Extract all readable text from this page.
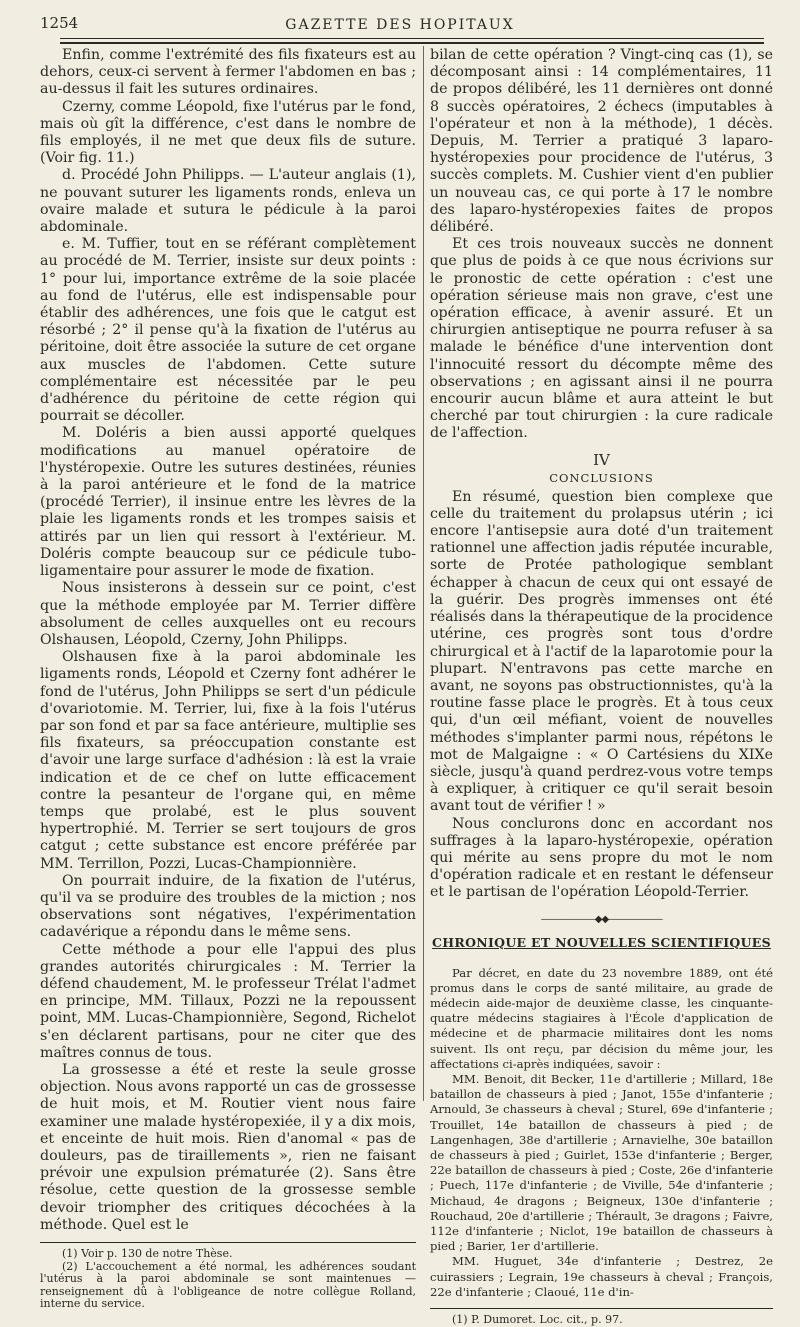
1254	GAZETTE DES HOPITAUX

Enfin, comme l'extrémité des fils fixateurs est au dehors, ceux-ci servent à fermer l'abdomen en bas ; au-dessus il fait les sutures ordinaires.

Czerny, comme Léopold, fixe l'utérus par le fond, mais où gît la différence, c'est dans le nombre de fils employés, il ne met que deux fils de suture. (Voir fig. 11.)

d. Procédé John Philipps. — L'auteur anglais (1), ne pouvant suturer les ligaments ronds, enleva un ovaire malade et sutura le pédicule à la paroi abdominale.

e. M. Tuffier, tout en se référant complètement au procédé de M. Terrier, insiste sur deux points : 1° pour lui, importance extrême de la soie placée au fond de l'utérus, elle est indispensable pour établir des adhérences, une fois que le catgut est résorbé ; 2° il pense qu'à la fixation de l'utérus au péritoine, doit être associée la suture de cet organe aux muscles de l'abdomen. Cette suture complémentaire est nécessitée par le peu d'adhérence du péritoine de cette région qui pourrait se décoller.

M. Doléris a bien aussi apporté quelques modifications au manuel opératoire de l'hystéropexie. Outre les sutures destinées, réunies à la paroi antérieure et le fond de la matrice (procédé Terrier), il insinue entre les lèvres de la plaie les ligaments ronds et les trompes saisis et attirés par un lien qui ressort à l'extérieur. M. Doléris compte beaucoup sur ce pédicule tubo-ligamentaire pour assurer le mode de fixation.

Nous insisterons à dessein sur ce point, c'est que la méthode employée par M. Terrier diffère absolument de celles auxquelles ont eu recours Olshausen, Léopold, Czerny, John Philipps.

Olshausen fixe à la paroi abdominale les ligaments ronds, Léopold et Czerny font adhérer le fond de l'utérus, John Philipps se sert d'un pédicule d'ovariotomie. M. Terrier, lui, fixe à la fois l'utérus par son fond et par sa face antérieure, multiplie ses fils fixateurs, sa préoccupation constante est d'avoir une large surface d'adhésion : là est la vraie indication et de ce chef on lutte efficacement contre la pesanteur de l'organe qui, en même temps que prolabé, est le plus souvent hypertrophié. M. Terrier se sert toujours de gros catgut ; cette substance est encore préférée par MM. Terrillon, Pozzi, Lucas-Championnière.

On pourrait induire, de la fixation de l'utérus, qu'il va se produire des troubles de la miction ; nos observations sont négatives, l'expérimentation cadavérique a répondu dans le même sens.

Cette méthode a pour elle l'appui des plus grandes autorités chirurgicales : M. Terrier la défend chaudement, M. le professeur Trélat l'admet en principe, MM. Tillaux, Pozzi ne la repoussent point, MM. Lucas-Championnière, Segond, Richelot s'en déclarent partisans, pour ne citer que des maîtres connus de tous.

La grossesse a été et reste la seule grosse objection. Nous avons rapporté un cas de grossesse de huit mois, et M. Routier vient nous faire examiner une malade hystéropexiée, il y a dix mois, et enceinte de huit mois. Rien d'anomal « pas de douleurs, pas de tiraillements », rien ne faisant prévoir une expulsion prématurée (2). Sans être résolue, cette question de la grossesse semble devoir triompher des critiques décochées à la méthode. Quel est le

(1) Voir p. 130 de notre Thèse.

(2) L'accouchement a été normal, les adhérences soudant l'utérus à la paroi abdominale se sont maintenues — renseignement dû à l'obligeance de notre collègue Rolland, interne du service.

bilan de cette opération ? Vingt-cinq cas (1), se décomposant ainsi : 14 complémentaires, 11 de propos délibéré, les 11 dernières ont donné 8 succès opératoires, 2 échecs (imputables à l'opérateur et non à la méthode), 1 décès. Depuis, M. Terrier a pratiqué 3 laparo-hystéropexies pour procidence de l'utérus, 3 succès complets. M. Cushier vient d'en publier un nouveau cas, ce qui porte à 17 le nombre des laparo-hystéropexies faites de propos délibéré.

Et ces trois nouveaux succès ne donnent que plus de poids à ce que nous écrivions sur le pronostic de cette opération : c'est une opération sérieuse mais non grave, c'est une opération efficace, à avenir assuré. Et un chirurgien antiseptique ne pourra refuser à sa malade le bénéfice d'une intervention dont l'innocuité ressort du décompte même des observations ; en agissant ainsi il ne pourra encourir aucun blâme et aura atteint le but cherché par tout chirurgien : la cure radicale de l'affection.

IV
CONCLUSIONS

En résumé, question bien complexe que celle du traitement du prolapsus utérin ; ici encore l'antisepsie aura doté d'un traitement rationnel une affection jadis réputée incurable, sorte de Protée pathologique semblant échapper à chacun de ceux qui ont essayé de la guérir. Des progrès immenses ont été réalisés dans la thérapeutique de la procidence utérine, ces progrès sont tous d'ordre chirurgical et à l'actif de la laparotomie pour la plupart. N'entravons pas cette marche en avant, ne soyons pas obstructionnistes, qu'à la routine fasse place le progrès. Et à tous ceux qui, d'un œil méfiant, voient de nouvelles méthodes s'implanter parmi nous, répétons le mot de Malgaigne : « O Cartésiens du XIXe siècle, jusqu'à quand perdrez-vous votre temps à expliquer, à critiquer ce qu'il serait besoin avant tout de vérifier ! »

Nous conclurons donc en accordant nos suffrages à la laparo-hystéropexie, opération qui mérite au sens propre du mot le nom d'opération radicale et en restant le défenseur et le partisan de l'opération Léopold-Terrier.

——————◆◆——————
CHRONIQUE ET NOUVELLES SCIENTIFIQUES

Par décret, en date du 23 novembre 1889, ont été promus dans le corps de santé militaire, au grade de médecin aide-major de deuxième classe, les cinquante-quatre médecins stagiaires à l'École d'application de médecine et de pharmacie militaires dont les noms suivent. Ils ont reçu, par décision du même jour, les affectations ci-après indiquées, savoir :

MM. Benoit, dit Becker, 11e d'artillerie ; Millard, 18e bataillon de chasseurs à pied ; Janot, 155e d'infanterie ; Arnould, 3e chasseurs à cheval ; Sturel, 69e d'infanterie ; Trouillet, 14e bataillon de chasseurs à pied ; de Langenhagen, 38e d'artillerie ; Arnavielhe, 30e bataillon de chasseurs à pied ; Guirlet, 153e d'infanterie ; Berger, 22e bataillon de chasseurs à pied ; Coste, 26e d'infanterie ; Puech, 117e d'infanterie ; de Viville, 54e d'infanterie ; Michaud, 4e dragons ; Beigneux, 130e d'infanterie ; Rouchaud, 20e d'artillerie ; Thérault, 3e dragons ; Faivre, 112e d'infanterie ; Niclot, 19e bataillon de chasseurs à pied ; Barier, 1er d'artillerie.

MM. Huguet, 34e d'infanterie ; Destrez, 2e cuirassiers ; Legrain, 19e chasseurs à cheval ; François, 22e d'infanterie ; Claoué, 11e d'in-

(1) P. Dumoret. Loc. cit., p. 97.
